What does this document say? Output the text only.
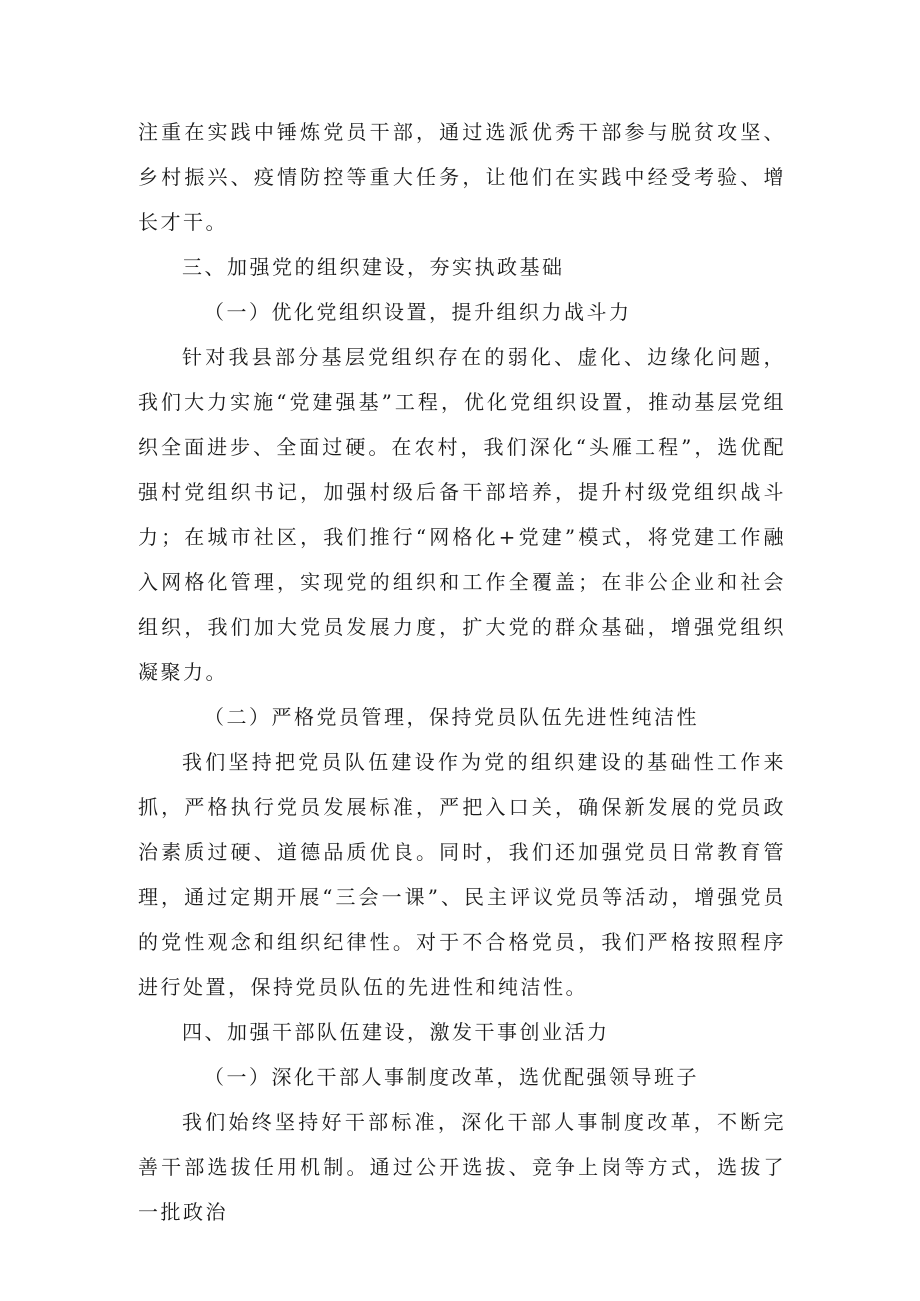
注重在实践中锤炼党员干部，通过选派优秀干部参与脱贫攻坚、乡村振兴、疫情防控等重大任务，让他们在实践中经受考验、增长才干。

三、加强党的组织建设，夯实执政基础

（一）优化党组织设置，提升组织力战斗力

针对我县部分基层党组织存在的弱化、虚化、边缘化问题，我们大力实施“党建强基”工程，优化党组织设置，推动基层党组织全面进步、全面过硬。在农村，我们深化“头雁工程”，选优配强村党组织书记，加强村级后备干部培养，提升村级党组织战斗力；在城市社区，我们推行“网格化+党建”模式，将党建工作融入网格化管理，实现党的组织和工作全覆盖；在非公企业和社会组织，我们加大党员发展力度，扩大党的群众基础，增强党组织凝聚力。

（二）严格党员管理，保持党员队伍先进性纯洁性

我们坚持把党员队伍建设作为党的组织建设的基础性工作来抓，严格执行党员发展标准，严把入口关，确保新发展的党员政治素质过硬、道德品质优良。同时，我们还加强党员日常教育管理，通过定期开展“三会一课”、民主评议党员等活动，增强党员的党性观念和组织纪律性。对于不合格党员，我们严格按照程序进行处置，保持党员队伍的先进性和纯洁性。

四、加强干部队伍建设，激发干事创业活力

（一）深化干部人事制度改革，选优配强领导班子

我们始终坚持好干部标准，深化干部人事制度改革，不断完善干部选拔任用机制。通过公开选拔、竞争上岗等方式，选拔了一批政治
